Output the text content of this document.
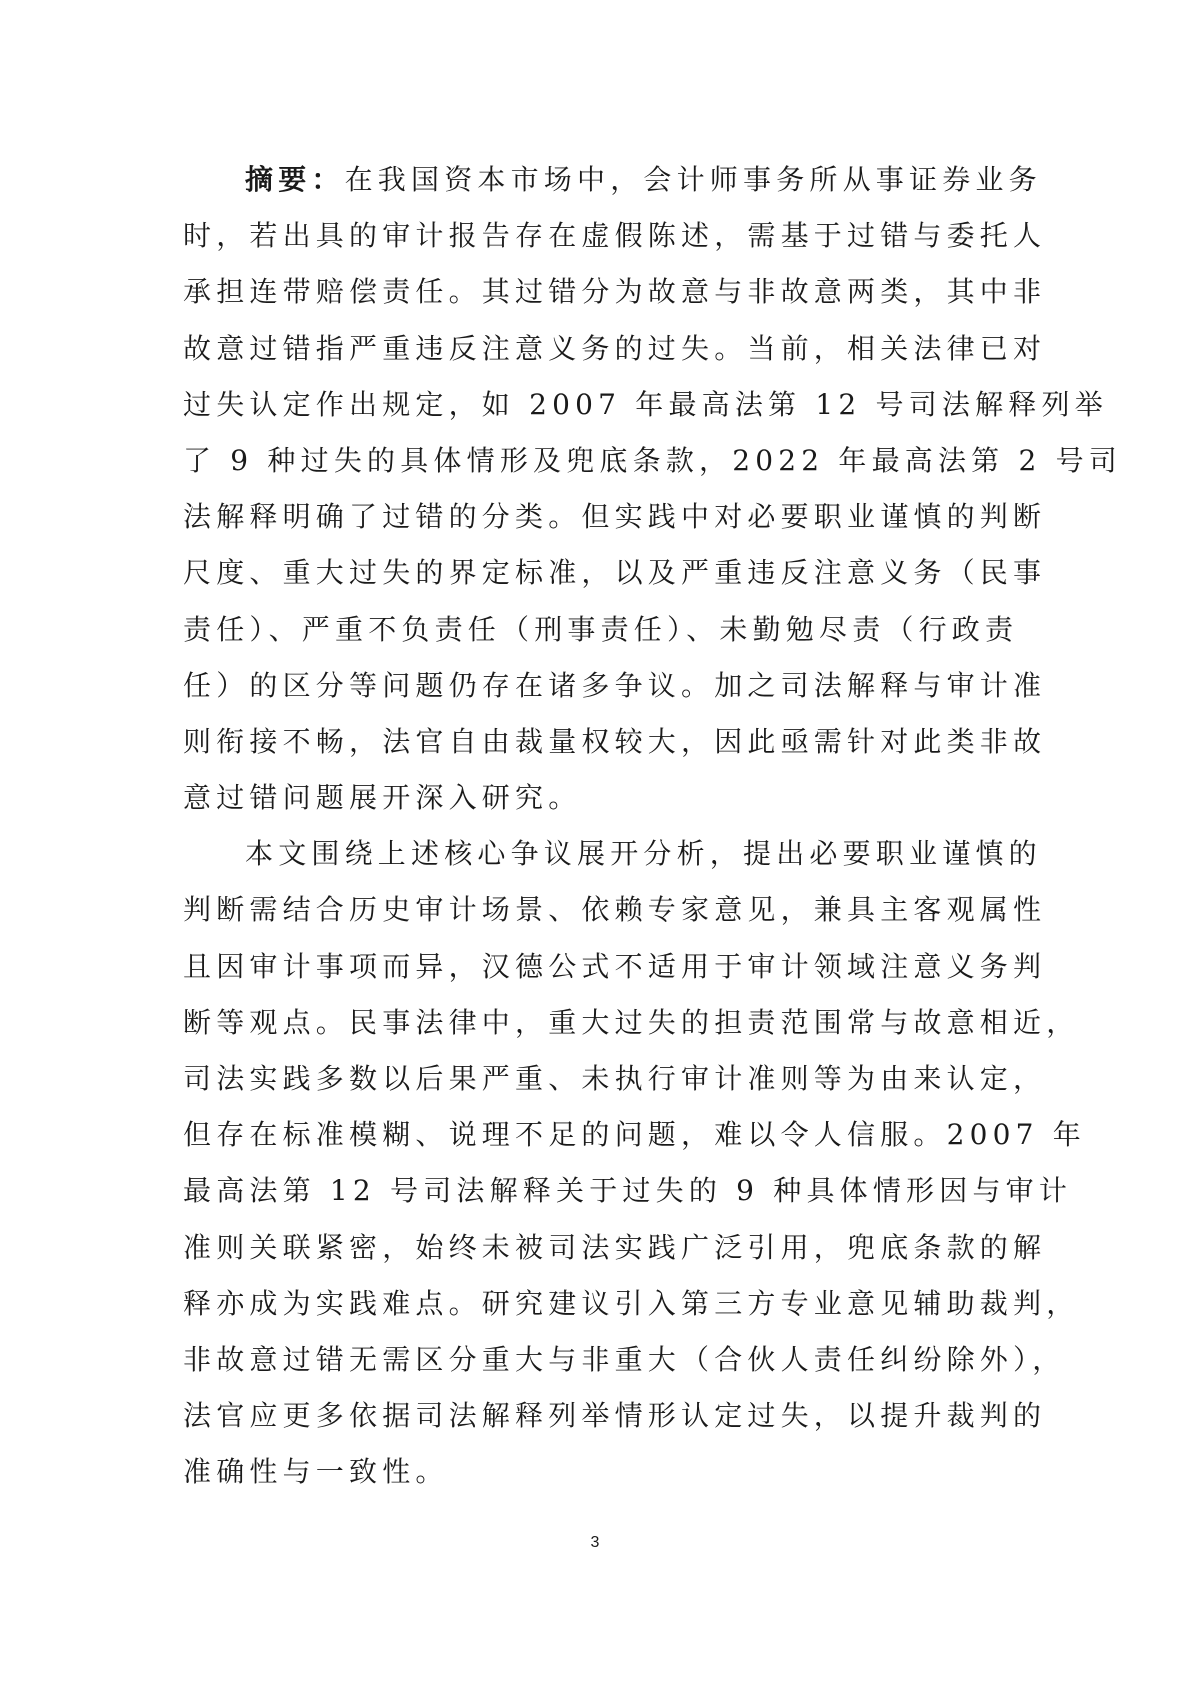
摘要：在我国资本市场中，会计师事务所从事证券业务
时，若出具的审计报告存在虚假陈述，需基于过错与委托人
承担连带赔偿责任。其过错分为故意与非故意两类，其中非
故意过错指严重违反注意义务的过失。当前，相关法律已对
过失认定作出规定，如 2007 年最高法第 12 号司法解释列举
了 9 种过失的具体情形及兜底条款，2022 年最高法第 2 号司
法解释明确了过错的分类。但实践中对必要职业谨慎的判断
尺度、重大过失的界定标准，以及严重违反注意义务（民事
责任）、严重不负责任（刑事责任）、未勤勉尽责（行政责
任）的区分等问题仍存在诸多争议。加之司法解释与审计准
则衔接不畅，法官自由裁量权较大，因此亟需针对此类非故
意过错问题展开深入研究。
本文围绕上述核心争议展开分析，提出必要职业谨慎的
判断需结合历史审计场景、依赖专家意见，兼具主客观属性
且因审计事项而异，汉德公式不适用于审计领域注意义务判
断等观点。民事法律中，重大过失的担责范围常与故意相近，
司法实践多数以后果严重、未执行审计准则等为由来认定，
但存在标准模糊、说理不足的问题，难以令人信服。2007 年
最高法第 12 号司法解释关于过失的 9 种具体情形因与审计
准则关联紧密，始终未被司法实践广泛引用，兜底条款的解
释亦成为实践难点。研究建议引入第三方专业意见辅助裁判，
非故意过错无需区分重大与非重大（合伙人责任纠纷除外），
法官应更多依据司法解释列举情形认定过失，以提升裁判的
准确性与一致性。
3
